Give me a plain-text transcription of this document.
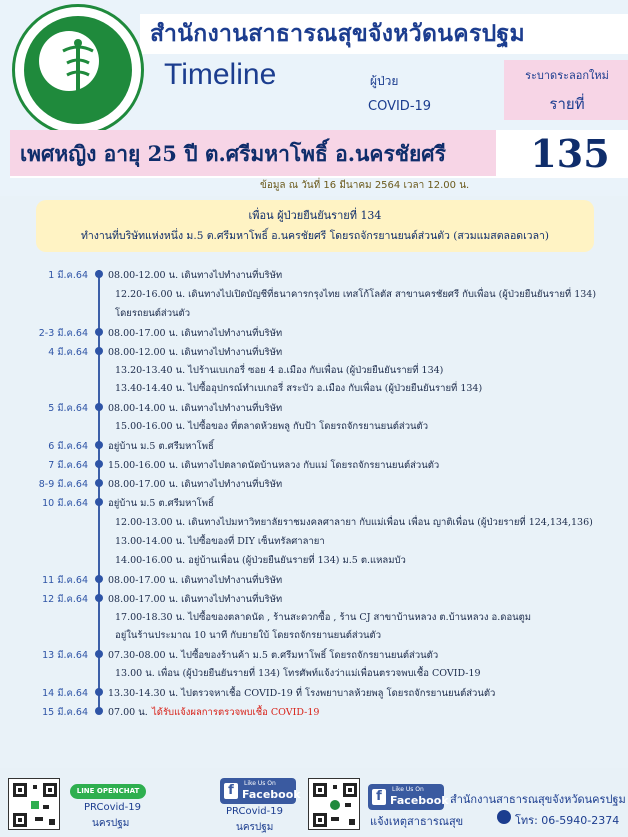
สำนักงานสาธารณสุขจังหวัดนครปฐม
Timeline	ผู้ป่วย
COVID-19
ระบาดระลอกใหม่
รายที่
เพศหญิง อายุ 25 ปี ต.ศรีมหาโพธิ์ อ.นครชัยศรี	135
ข้อมูล ณ วันที่ 16 มีนาคม 2564 เวลา 12.00 น.
เพื่อน ผู้ป่วยยืนยันรายที่ 134
ทำงานที่บริษัทแห่งหนึ่ง ม.5 ต.ศรีมหาโพธิ์ อ.นครชัยศรี โดยรถจักรยานยนต์ส่วนตัว (สวมแมสตลอดเวลา)
1 มี.ค.64 08.00-12.00 น. เดินทางไปทำงานที่บริษัท
12.20-16.00 น. เดินทางไปเปิดบัญชีที่ธนาคารกรุงไทย เทสโก้โลตัส สาขานครชัยศรี กับเพื่อน (ผู้ป่วยยืนยันรายที่ 134)
โดยรถยนต์ส่วนตัว
2-3 มี.ค.64 08.00-17.00 น. เดินทางไปทำงานที่บริษัท
4 มี.ค.64 08.00-12.00 น. เดินทางไปทำงานที่บริษัท
13.20-13.40 น. ไปร้านเบเกอรี่ ซอย 4 อ.เมือง กับเพื่อน (ผู้ป่วยยืนยันรายที่ 134)
13.40-14.40 น. ไปซื้ออุปกรณ์ทำเบเกอรี่ สระบัว อ.เมือง กับเพื่อน (ผู้ป่วยยืนยันรายที่ 134)
5 มี.ค.64 08.00-14.00 น. เดินทางไปทำงานที่บริษัท
15.00-16.00 น. ไปซื้อของ ที่ตลาดห้วยพลู กับป้า โดยรถจักรยานยนต์ส่วนตัว
6 มี.ค.64 อยู่บ้าน ม.5 ต.ศรีมหาโพธิ์
7 มี.ค.64 15.00-16.00 น. เดินทางไปตลาดนัดบ้านหลวง กับแม่ โดยรถจักรยานยนต์ส่วนตัว
8-9 มี.ค.64 08.00-17.00 น. เดินทางไปทำงานที่บริษัท
10 มี.ค.64 อยู่บ้าน ม.5 ต.ศรีมหาโพธิ์
12.00-13.00 น. เดินทางไปมหาวิทยาลัยราชมงคลศาลายา กับแม่เพื่อน เพื่อน ญาติเพื่อน (ผู้ป่วยรายที่ 124,134,136)
13.00-14.00 น. ไปซื้อของที่ DIY เซ็นทรัลศาลายา
14.00-16.00 น. อยู่บ้านเพื่อน (ผู้ป่วยยืนยันรายที่ 134) ม.5 ต.แหลมบัว
11 มี.ค.64 08.00-17.00 น. เดินทางไปทำงานที่บริษัท
12 มี.ค.64 08.00-17.00 น. เดินทางไปทำงานที่บริษัท
17.00-18.30 น. ไปซื้อของตลาดนัด , ร้านสะดวกซื้อ , ร้าน CJ สาขาบ้านหลวง ต.บ้านหลวง อ.ดอนตูม
อยู่ในร้านประมาณ 10 นาที กับยายใบ้ โดยรถจักรยานยนต์ส่วนตัว
13 มี.ค.64 07.30-08.00 น. ไปซื้อของร้านค้า ม.5 ต.ศรีมหาโพธิ์ โดยรถจักรยานยนต์ส่วนตัว
13.00 น. เพื่อน (ผู้ป่วยยืนยันรายที่ 134) โทรศัพท์แจ้งว่าแม่เพื่อนตรวจพบเชื้อ COVID-19
14 มี.ค.64 13.30-14.30 น. ไปตรวจหาเชื้อ COVID-19 ที่ โรงพยาบาลห้วยพลู โดยรถจักรยานยนต์ส่วนตัว
15 มี.ค.64 07.00 น. ได้รับแจ้งผลการตรวจพบเชื้อ COVID-19
LINE OPENCHAT
PRCovid-19
นครปฐม
f	Like Us On
Facebook
PRCovid-19
นครปฐม
f	Like Us On
Facebook สำนักงานสาธารณสุขจังหวัดนครปฐม
แจ้งเหตุสาธารณสุข	โทร: 06-5940-2374
